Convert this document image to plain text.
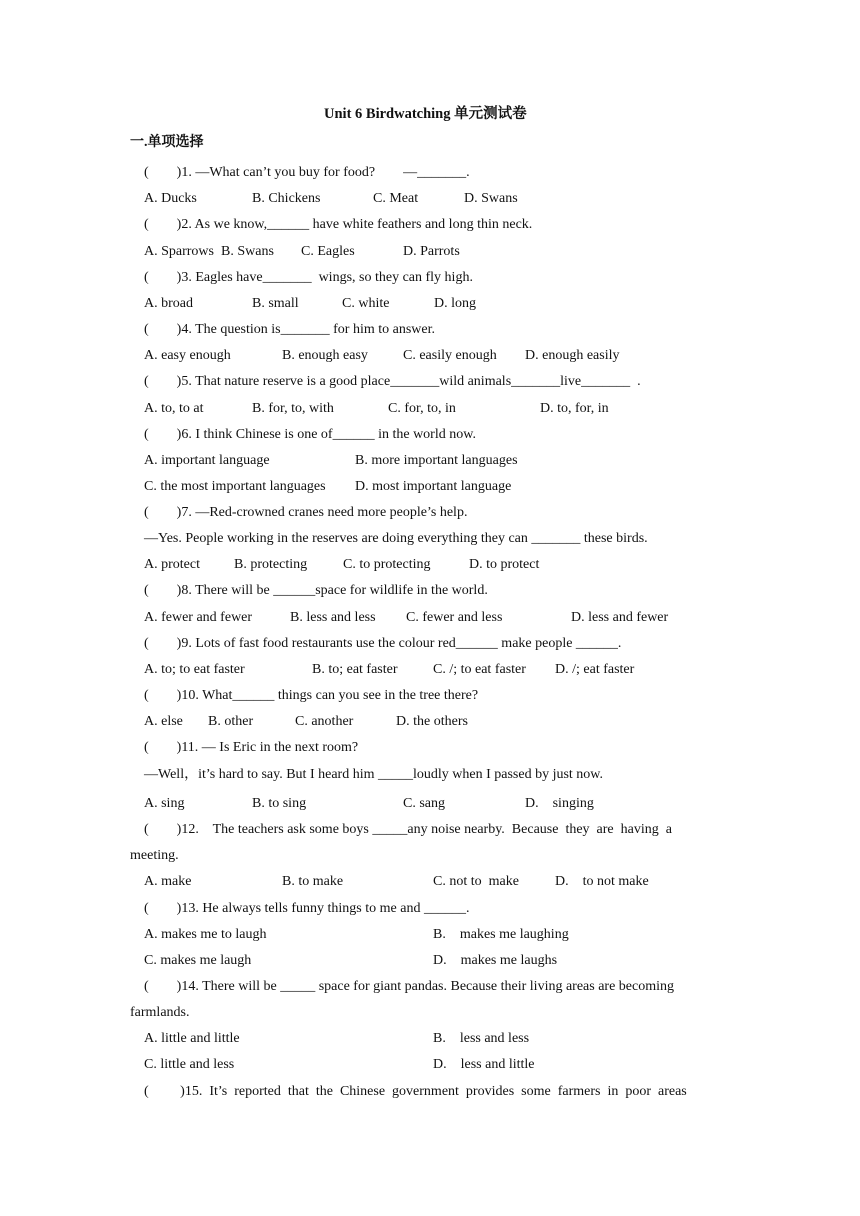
Unit 6 Birdwatching 单元测试卷
一.单项选择
(        )1. —What can’t you buy for food?        —_______.
A. Ducks	B. Chickens	C. Meat	D. Swans
(        )2. As we know,______ have white feathers and long thin neck.
A. Sparrows B. Swans C. Eagles	D. Parrots
(        )3. Eagles have_______  wings, so they can fly high.
A. broad	B. small	C. white	D. long
(        )4. The question is_______ for him to answer.
A. easy enough	B. enough easy	C. easily enough D. enough easily
(        )5. That nature reserve is a good place_______wild animals_______live_______  .
A. to, to at	B. for, to, with	C. for, to, in	D. to, for, in
(        )6. I think Chinese is one of______ in the world now.
A. important language	B. more important languages
C. the most important languages D. most important language
(        )7. —Red-crowned cranes need more people’s help.
—Yes. People working in the reserves are doing everything they can _______ these birds.
A. protect B. protecting	C. to protecting	D. to protect
(        )8. There will be ______space for wildlife in the world.
A. fewer and fewer	B. less and less C. fewer and less	D. less and fewer
(        )9. Lots of fast food restaurants use the colour red______ make people ______.
A. to; to eat faster	B. to; eat faster	C. /; to eat faster D. /; eat faster
(        )10. What______ things can you see in the tree there?
A. else B. other	C. another	D. the others
(        )11. — Is Eric in the next room?
—Well，it’s hard to say. But I heard him _____loudly when I passed by just now.
A. sing	B. to sing	C. sang	D.    singing
(        )12.    The teachers ask some boys _____any noise nearby.  Because  they  are  having  a
meeting.
A. make	B. to make	C. not to  make	D.    to not make
(        )13. He always tells funny things to me and ______.
A. makes me to laugh	B.    makes me laughing
C. makes me laugh	D.    makes me laughs
(        )14. There will be _____ space for giant pandas. Because their living areas are becoming
farmlands.
A. little and little	B.    less and less
C. little and less	D.    less and little
(         )15.  It’s  reported  that  the  Chinese  government  provides  some  farmers  in  poor  areas
